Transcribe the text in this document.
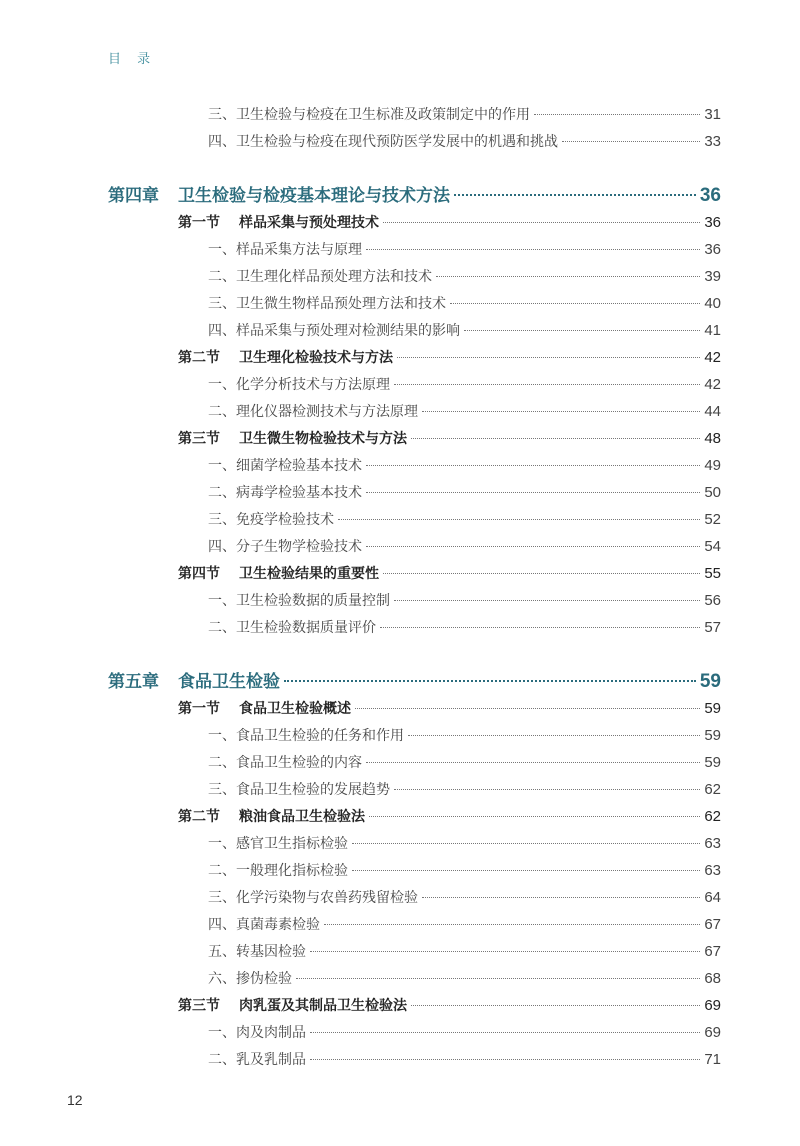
目 录
三、卫生检验与检疫在卫生标准及政策制定中的作用	31
四、卫生检验与检疫在现代预防医学发展中的机遇和挑战	33
第四章 卫生检验与检疫基本理论与技术方法	36
第一节 样品采集与预处理技术	36
一、样品采集方法与原理	36
二、卫生理化样品预处理方法和技术	39
三、卫生微生物样品预处理方法和技术	40
四、样品采集与预处理对检测结果的影响	41
第二节 卫生理化检验技术与方法	42
一、化学分析技术与方法原理	42
二、理化仪器检测技术与方法原理	44
第三节 卫生微生物检验技术与方法	48
一、细菌学检验基本技术	49
二、病毒学检验基本技术	50
三、免疫学检验技术	52
四、分子生物学检验技术	54
第四节 卫生检验结果的重要性	55
一、卫生检验数据的质量控制	56
二、卫生检验数据质量评价	57
第五章 食品卫生检验	59
第一节 食品卫生检验概述	59
一、食品卫生检验的任务和作用	59
二、食品卫生检验的内容	59
三、食品卫生检验的发展趋势	62
第二节 粮油食品卫生检验法	62
一、感官卫生指标检验	63
二、一般理化指标检验	63
三、化学污染物与农兽药残留检验	64
四、真菌毒素检验	67
五、转基因检验	67
六、掺伪检验	68
第三节 肉乳蛋及其制品卫生检验法	69
一、肉及肉制品	69
二、乳及乳制品	71
12
